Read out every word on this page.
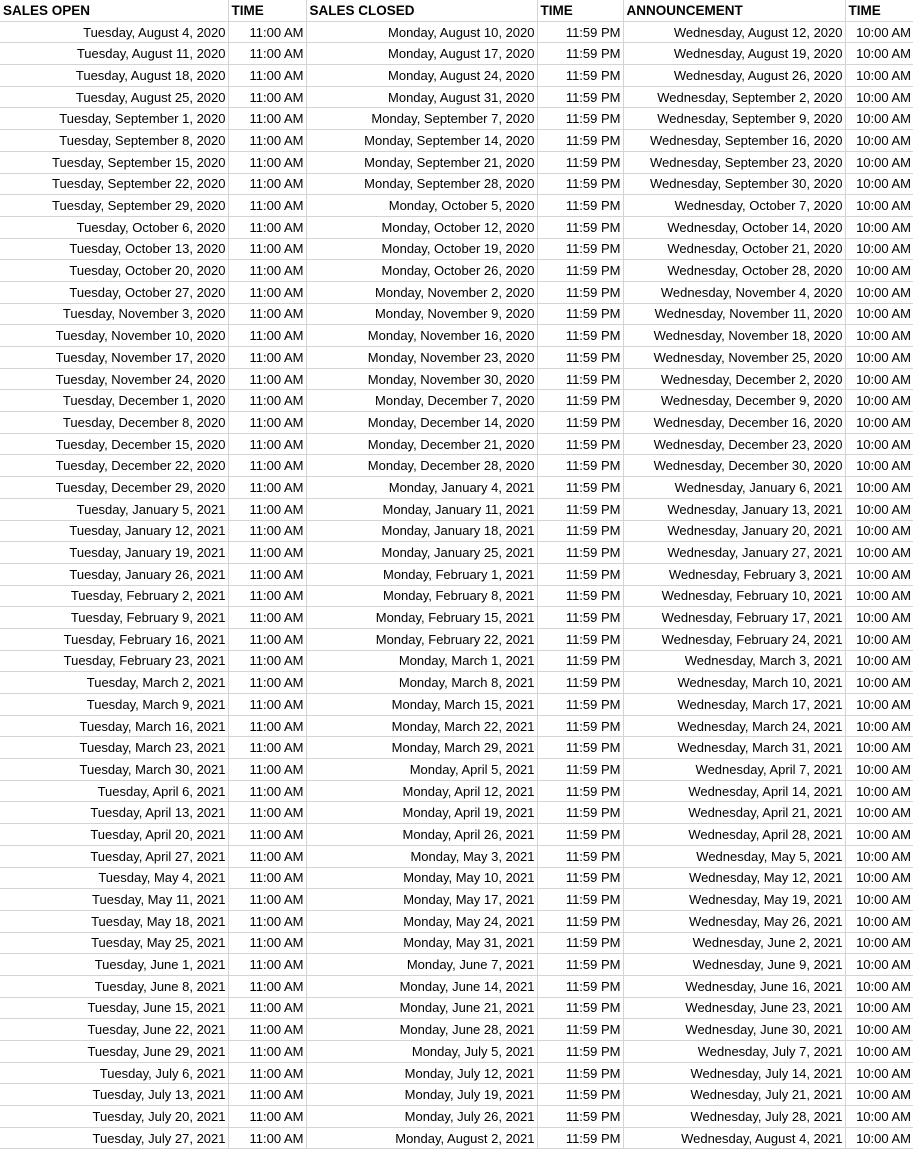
SALES OPEN	TIME	SALES CLOSED	TIME	ANNOUNCEMENT	TIME
Tuesday, August 4, 2020	11:00 AM	Monday, August 10, 2020	11:59 PM	Wednesday, August 12, 2020	10:00 AM
Tuesday, August 11, 2020	11:00 AM	Monday, August 17, 2020	11:59 PM	Wednesday, August 19, 2020	10:00 AM
Tuesday, August 18, 2020	11:00 AM	Monday, August 24, 2020	11:59 PM	Wednesday, August 26, 2020	10:00 AM
Tuesday, August 25, 2020	11:00 AM	Monday, August 31, 2020	11:59 PM	Wednesday, September 2, 2020	10:00 AM
Tuesday, September 1, 2020	11:00 AM	Monday, September 7, 2020	11:59 PM	Wednesday, September 9, 2020	10:00 AM
Tuesday, September 8, 2020	11:00 AM	Monday, September 14, 2020	11:59 PM	Wednesday, September 16, 2020	10:00 AM
Tuesday, September 15, 2020	11:00 AM	Monday, September 21, 2020	11:59 PM	Wednesday, September 23, 2020	10:00 AM
Tuesday, September 22, 2020	11:00 AM	Monday, September 28, 2020	11:59 PM	Wednesday, September 30, 2020	10:00 AM
Tuesday, September 29, 2020	11:00 AM	Monday, October 5, 2020	11:59 PM	Wednesday, October 7, 2020	10:00 AM
Tuesday, October 6, 2020	11:00 AM	Monday, October 12, 2020	11:59 PM	Wednesday, October 14, 2020	10:00 AM
Tuesday, October 13, 2020	11:00 AM	Monday, October 19, 2020	11:59 PM	Wednesday, October 21, 2020	10:00 AM
Tuesday, October 20, 2020	11:00 AM	Monday, October 26, 2020	11:59 PM	Wednesday, October 28, 2020	10:00 AM
Tuesday, October 27, 2020	11:00 AM	Monday, November 2, 2020	11:59 PM	Wednesday, November 4, 2020	10:00 AM
Tuesday, November 3, 2020	11:00 AM	Monday, November 9, 2020	11:59 PM	Wednesday, November 11, 2020	10:00 AM
Tuesday, November 10, 2020	11:00 AM	Monday, November 16, 2020	11:59 PM	Wednesday, November 18, 2020	10:00 AM
Tuesday, November 17, 2020	11:00 AM	Monday, November 23, 2020	11:59 PM	Wednesday, November 25, 2020	10:00 AM
Tuesday, November 24, 2020	11:00 AM	Monday, November 30, 2020	11:59 PM	Wednesday, December 2, 2020	10:00 AM
Tuesday, December 1, 2020	11:00 AM	Monday, December 7, 2020	11:59 PM	Wednesday, December 9, 2020	10:00 AM
Tuesday, December 8, 2020	11:00 AM	Monday, December 14, 2020	11:59 PM	Wednesday, December 16, 2020	10:00 AM
Tuesday, December 15, 2020	11:00 AM	Monday, December 21, 2020	11:59 PM	Wednesday, December 23, 2020	10:00 AM
Tuesday, December 22, 2020	11:00 AM	Monday, December 28, 2020	11:59 PM	Wednesday, December 30, 2020	10:00 AM
Tuesday, December 29, 2020	11:00 AM	Monday, January 4, 2021	11:59 PM	Wednesday, January 6, 2021	10:00 AM
Tuesday, January 5, 2021	11:00 AM	Monday, January 11, 2021	11:59 PM	Wednesday, January 13, 2021	10:00 AM
Tuesday, January 12, 2021	11:00 AM	Monday, January 18, 2021	11:59 PM	Wednesday, January 20, 2021	10:00 AM
Tuesday, January 19, 2021	11:00 AM	Monday, January 25, 2021	11:59 PM	Wednesday, January 27, 2021	10:00 AM
Tuesday, January 26, 2021	11:00 AM	Monday, February 1, 2021	11:59 PM	Wednesday, February 3, 2021	10:00 AM
Tuesday, February 2, 2021	11:00 AM	Monday, February 8, 2021	11:59 PM	Wednesday, February 10, 2021	10:00 AM
Tuesday, February 9, 2021	11:00 AM	Monday, February 15, 2021	11:59 PM	Wednesday, February 17, 2021	10:00 AM
Tuesday, February 16, 2021	11:00 AM	Monday, February 22, 2021	11:59 PM	Wednesday, February 24, 2021	10:00 AM
Tuesday, February 23, 2021	11:00 AM	Monday, March 1, 2021	11:59 PM	Wednesday, March 3, 2021	10:00 AM
Tuesday, March 2, 2021	11:00 AM	Monday, March 8, 2021	11:59 PM	Wednesday, March 10, 2021	10:00 AM
Tuesday, March 9, 2021	11:00 AM	Monday, March 15, 2021	11:59 PM	Wednesday, March 17, 2021	10:00 AM
Tuesday, March 16, 2021	11:00 AM	Monday, March 22, 2021	11:59 PM	Wednesday, March 24, 2021	10:00 AM
Tuesday, March 23, 2021	11:00 AM	Monday, March 29, 2021	11:59 PM	Wednesday, March 31, 2021	10:00 AM
Tuesday, March 30, 2021	11:00 AM	Monday, April 5, 2021	11:59 PM	Wednesday, April 7, 2021	10:00 AM
Tuesday, April 6, 2021	11:00 AM	Monday, April 12, 2021	11:59 PM	Wednesday, April 14, 2021	10:00 AM
Tuesday, April 13, 2021	11:00 AM	Monday, April 19, 2021	11:59 PM	Wednesday, April 21, 2021	10:00 AM
Tuesday, April 20, 2021	11:00 AM	Monday, April 26, 2021	11:59 PM	Wednesday, April 28, 2021	10:00 AM
Tuesday, April 27, 2021	11:00 AM	Monday, May 3, 2021	11:59 PM	Wednesday, May 5, 2021	10:00 AM
Tuesday, May 4, 2021	11:00 AM	Monday, May 10, 2021	11:59 PM	Wednesday, May 12, 2021	10:00 AM
Tuesday, May 11, 2021	11:00 AM	Monday, May 17, 2021	11:59 PM	Wednesday, May 19, 2021	10:00 AM
Tuesday, May 18, 2021	11:00 AM	Monday, May 24, 2021	11:59 PM	Wednesday, May 26, 2021	10:00 AM
Tuesday, May 25, 2021	11:00 AM	Monday, May 31, 2021	11:59 PM	Wednesday, June 2, 2021	10:00 AM
Tuesday, June 1, 2021	11:00 AM	Monday, June 7, 2021	11:59 PM	Wednesday, June 9, 2021	10:00 AM
Tuesday, June 8, 2021	11:00 AM	Monday, June 14, 2021	11:59 PM	Wednesday, June 16, 2021	10:00 AM
Tuesday, June 15, 2021	11:00 AM	Monday, June 21, 2021	11:59 PM	Wednesday, June 23, 2021	10:00 AM
Tuesday, June 22, 2021	11:00 AM	Monday, June 28, 2021	11:59 PM	Wednesday, June 30, 2021	10:00 AM
Tuesday, June 29, 2021	11:00 AM	Monday, July 5, 2021	11:59 PM	Wednesday, July 7, 2021	10:00 AM
Tuesday, July 6, 2021	11:00 AM	Monday, July 12, 2021	11:59 PM	Wednesday, July 14, 2021	10:00 AM
Tuesday, July 13, 2021	11:00 AM	Monday, July 19, 2021	11:59 PM	Wednesday, July 21, 2021	10:00 AM
Tuesday, July 20, 2021	11:00 AM	Monday, July 26, 2021	11:59 PM	Wednesday, July 28, 2021	10:00 AM
Tuesday, July 27, 2021	11:00 AM	Monday, August 2, 2021	11:59 PM	Wednesday, August 4, 2021	10:00 AM
